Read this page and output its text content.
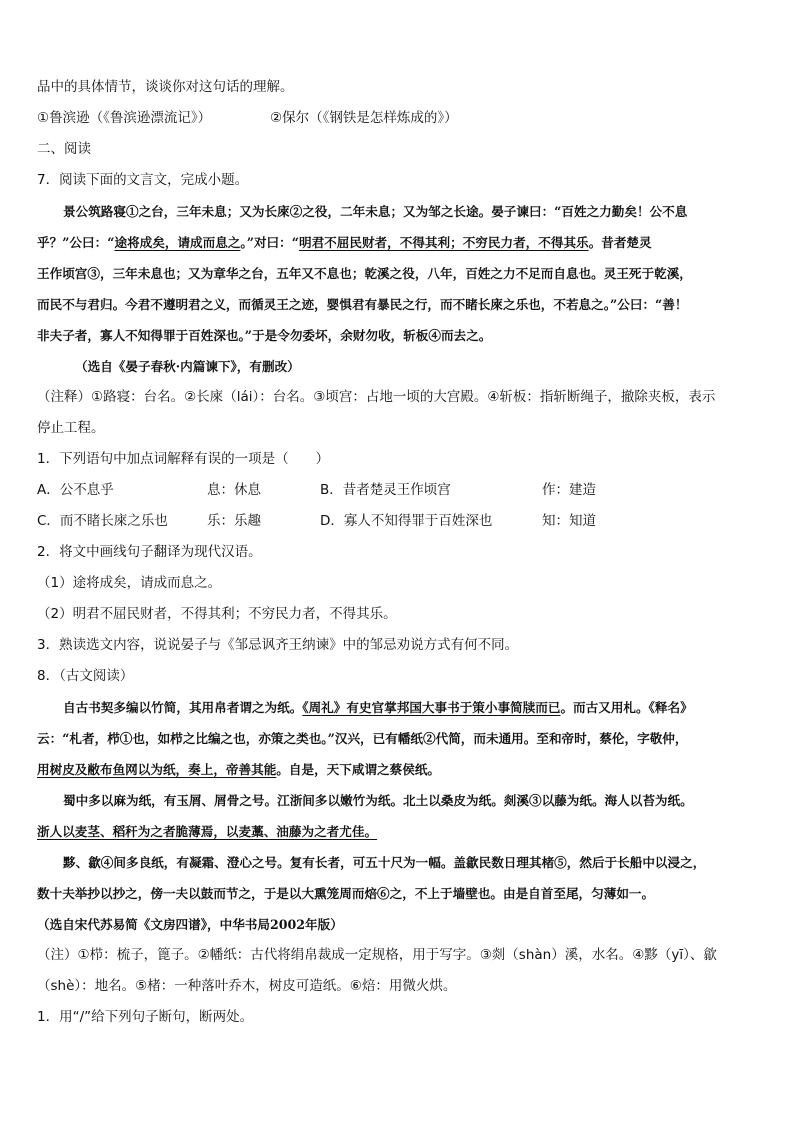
品中的具体情节，谈谈你对这句话的理解。
①鲁滨逊（《鲁滨逊漂流记》）	②保尔（《钢铁是怎样炼成的》）
二、阅读
7．阅读下面的文言文，完成小题。
景公筑路寝①之台，三年未息；又为长庲②之役，二年未息；又为邹之长途。晏子谏曰：“百姓之力勤矣！公不息
乎？”公曰：“途将成矣，请成而息之。”对曰：“明君不屈民财者，不得其利；不穷民力者，不得其乐。昔者楚灵
王作顷宫③，三年未息也；又为章华之台，五年又不息也；乾溪之役，八年，百姓之力不足而自息也。灵王死于乾溪，
而民不与君归。今君不遵明君之义，而循灵王之迹，婴惧君有暴民之行，而不睹长庲之乐也，不若息之。”公曰：“善！
非夫子者，寡人不知得罪于百姓深也。”于是令勿委坏，余财勿收，斩板④而去之。
（选自《晏子春秋·内篇谏下》，有删改）
（注释）①路寝：台名。②长庲（lái）：台名。③顷宫：占地一顷的大宫殿。④斩板：指斩断绳子，撤除夹板，表示
停止工程。
1．下列语句中加点词解释有误的一项是（　　）
A．公不息乎	息：休息	B．昔者楚灵王作顷宫	作：建造
C．而不睹长庲之乐也	乐：乐趣	D．寡人不知得罪于百姓深也	知：知道
2．将文中画线句子翻译为现代汉语。
（1）途将成矣，请成而息之。
（2）明君不屈民财者，不得其利；不穷民力者，不得其乐。
3．熟读选文内容，说说晏子与《邹忌讽齐王纳谏》中的邹忌劝说方式有何不同。
8．（古文阅读）
自古书契多编以竹简，其用帛者谓之为纸。《周礼》有史官掌邦国大事书于策小事简牍而已。而古又用札。《释名》
云：“札者，栉①也，如栉之比编之也，亦策之类也。”汉兴，已有幡纸②代简，而未通用。至和帝时，蔡伦，字敬仲，
用树皮及敝布鱼网以为纸，奏上，帝善其能。自是，天下咸谓之蔡侯纸。
蜀中多以麻为纸，有玉屑、屑骨之号。江浙间多以嫩竹为纸。北土以桑皮为纸。剡溪③以藤为纸。海人以苔为纸。
浙人以麦茎、稻秆为之者脆薄焉，以麦藁、油藤为之者尤佳。
黟、歙④间多良纸，有凝霜、澄心之号。复有长者，可五十尺为一幅。盖歙民数日理其楮⑤，然后于长船中以浸之，
数十夫举抄以抄之，傍一夫以鼓而节之，于是以大熏笼周而焙⑥之，不上于墙壁也。由是自首至尾，匀薄如一。
（选自宋代苏易简《文房四谱》，中华书局2002年版）
（注）①栉：梳子，篦子。②幡纸：古代将绢帛裁成一定规格，用于写字。③剡（shàn）溪，水名。④黟（yī）、歙
（shè）：地名。⑤楮：一种落叶乔木，树皮可造纸。⑥焙：用微火烘。
1．用“/”给下列句子断句，断两处。
